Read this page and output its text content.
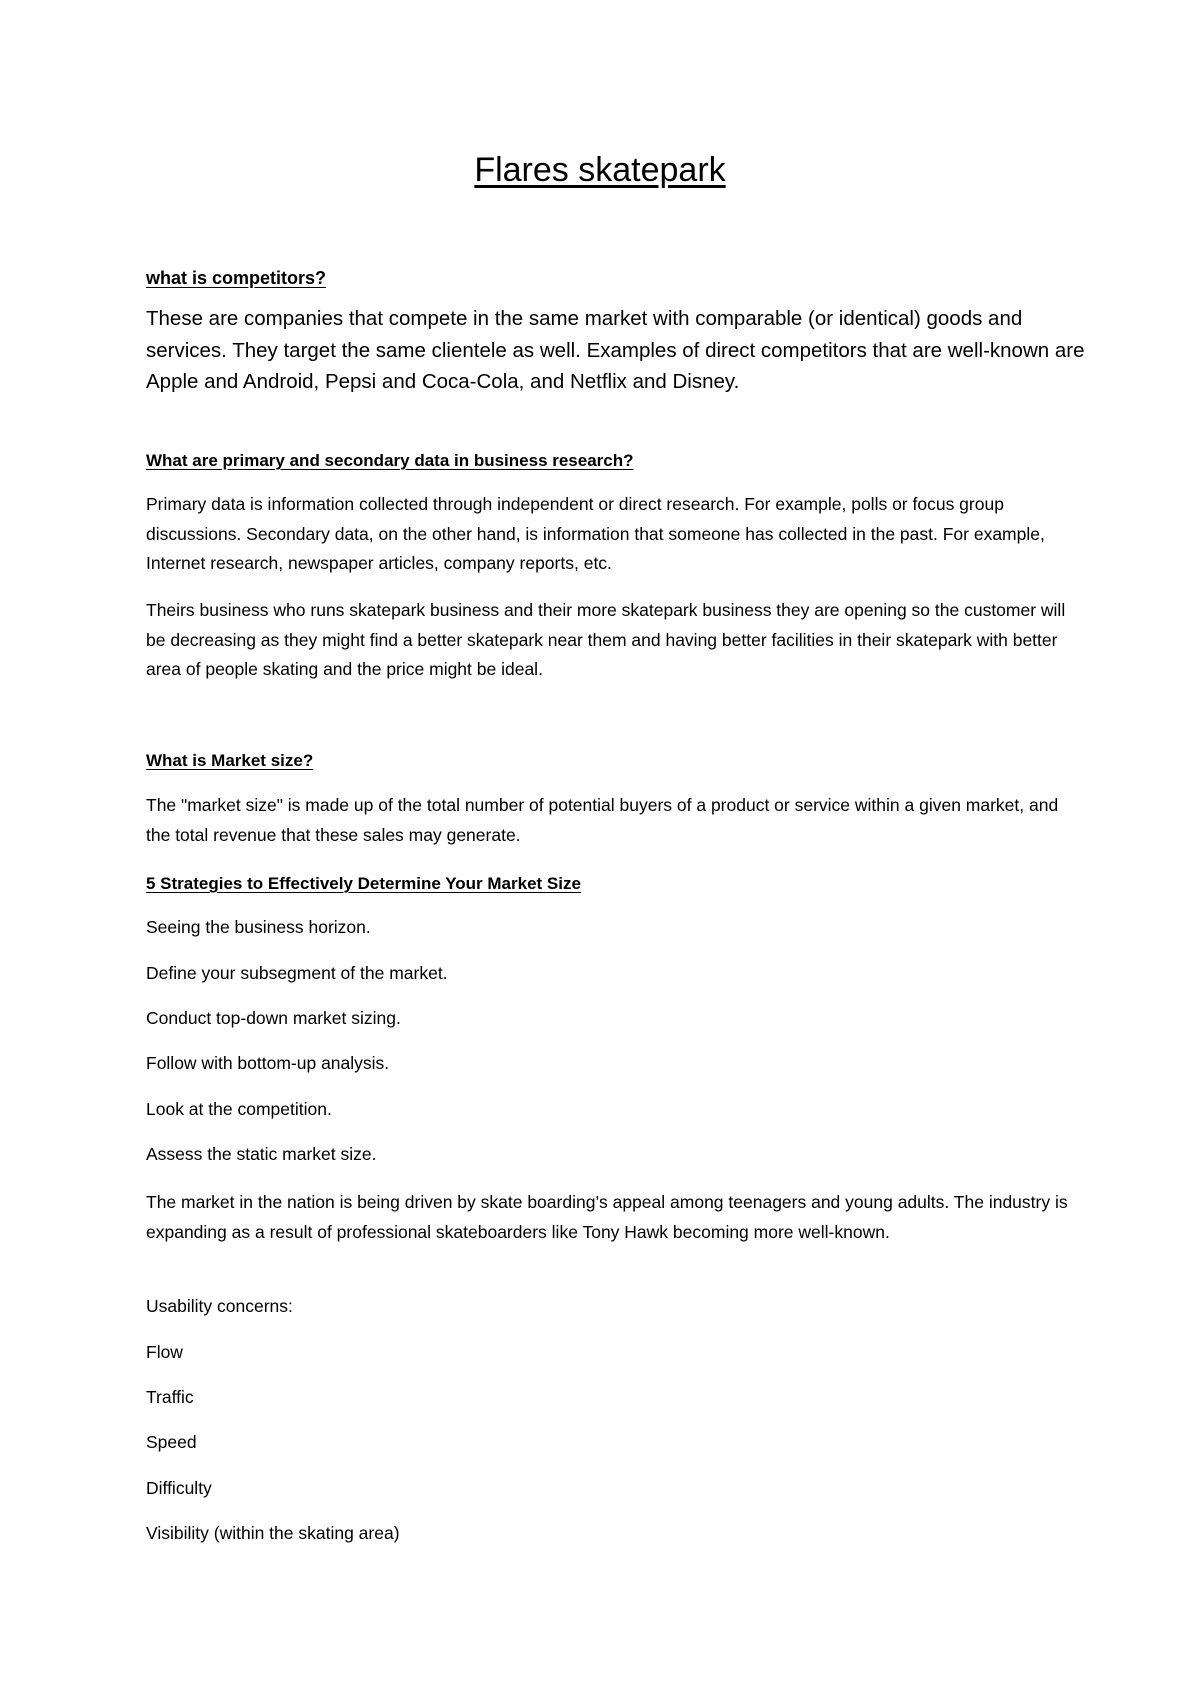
Flares skatepark
what is competitors?

These are companies that compete in the same market with comparable (or identical) goods and services. They target the same clientele as well. Examples of direct competitors that are well-known are Apple and Android, Pepsi and Coca-Cola, and Netflix and Disney.

What are primary and secondary data in business research?

Primary data is information collected through independent or direct research. For example, polls or focus group discussions. Secondary data, on the other hand, is information that someone has collected in the past. For example, Internet research, newspaper articles, company reports, etc.

Theirs business who runs skatepark business and their more skatepark business they are opening so the customer will be decreasing as they might find a better skatepark near them and having better facilities in their skatepark with better area of people skating and the price might be ideal.

What is Market size?

The "market size" is made up of the total number of potential buyers of a product or service within a given market, and the total revenue that these sales may generate.

5 Strategies to Effectively Determine Your Market Size
Seeing the business horizon.
Define your subsegment of the market.
Conduct top-down market sizing.
Follow with bottom-up analysis.
Look at the competition.
Assess the static market size.

The market in the nation is being driven by skate boarding’s appeal among teenagers and young adults. The industry is expanding as a result of professional skateboarders like Tony Hawk becoming more well-known.

Usability concerns:
Flow
Traffic
Speed
Difficulty
Visibility (within the skating area)
